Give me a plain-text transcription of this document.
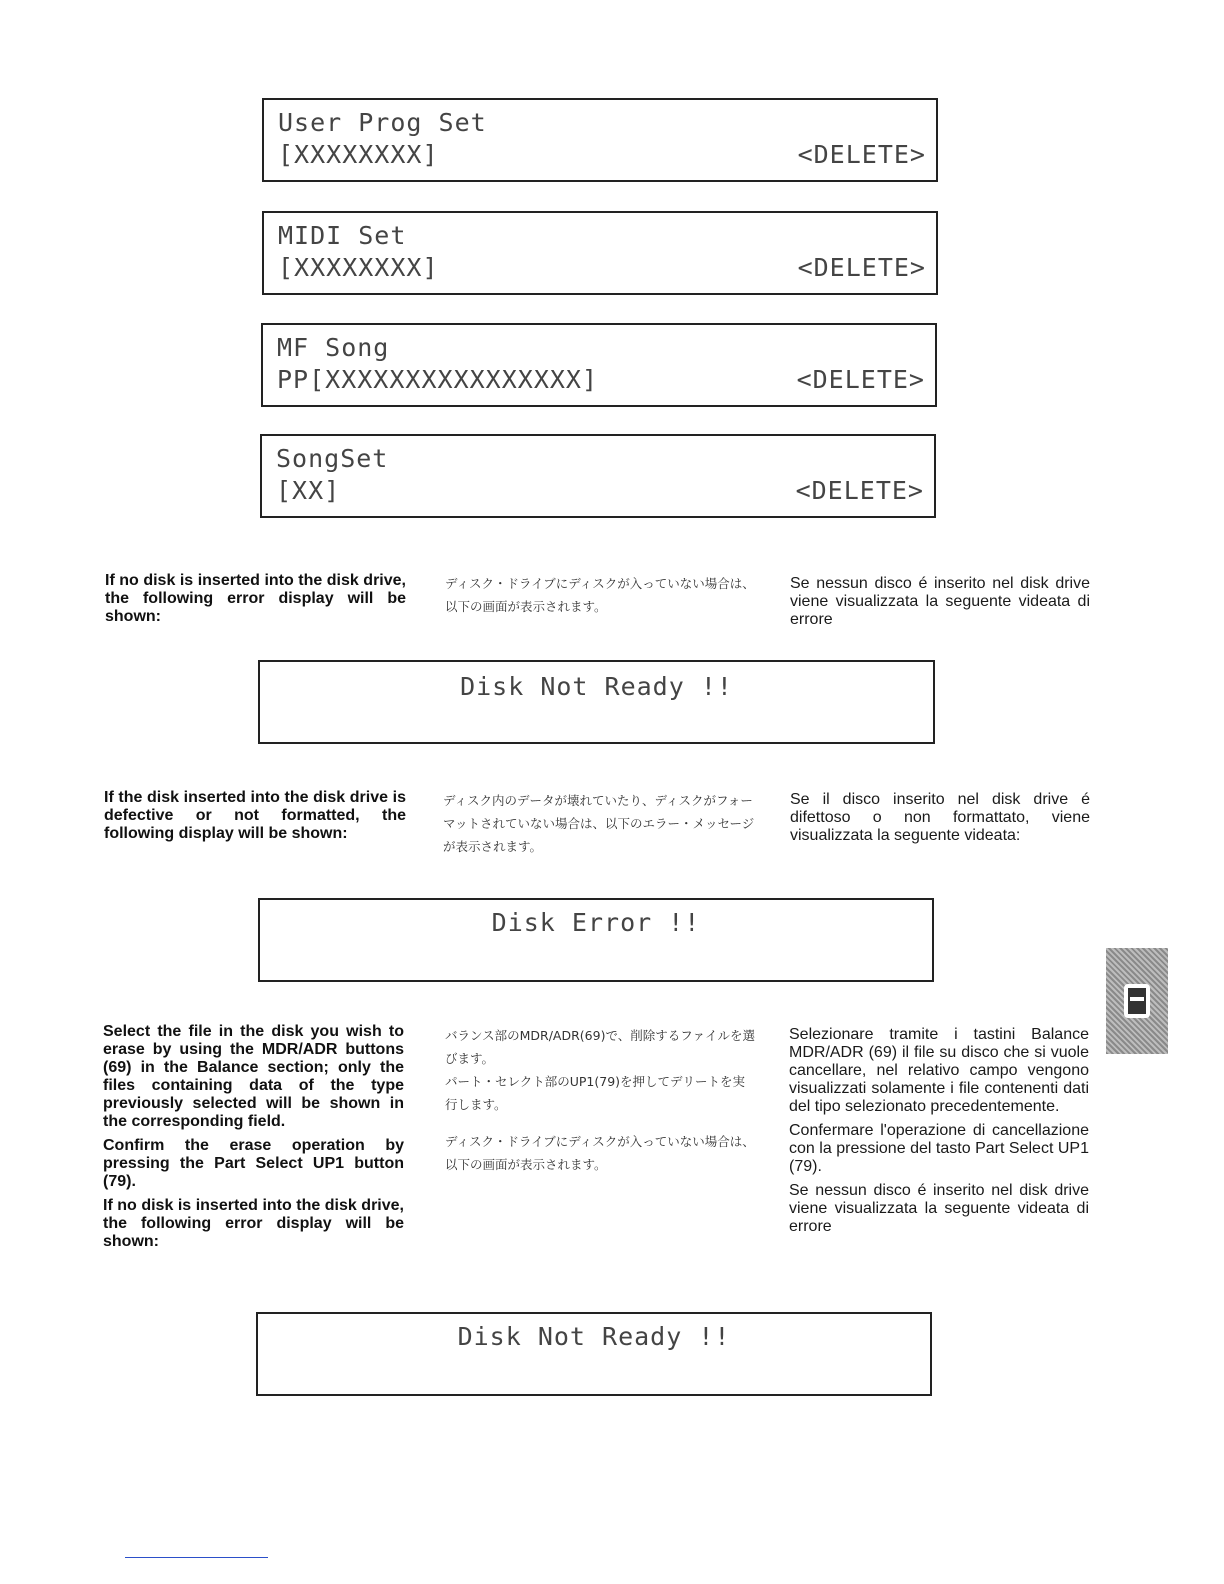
User Prog Set
[XXXXXXXX]	<DELETE>
MIDI Set
[XXXXXXXX]	<DELETE>
MF Song
PP[XXXXXXXXXXXXXXXX]	<DELETE>
SongSet
[XX]	<DELETE>
If no disk is inserted into the disk drive, the following error display will be shown:
ディスク・ドライブにディスクが入っていない場合は、以下の画面が表示されます。
Se nessun disco é inserito nel disk drive viene visualizzata la seguente videata di errore
Disk Not Ready !!
If the disk inserted into the disk drive is defective or not formatted, the following display will be shown:
ディスク内のデータが壊れていたり、ディスクがフォーマットされていない場合は、以下のエラー・メッセージが表示されます。
Se il disco inserito nel disk drive é difettoso o non formattato, viene visualizzata la seguente videata:
Disk Error !!

Select the file in the disk you wish to erase by using the MDR/ADR buttons (69) in the Balance section; only the files containing data of the type previously selected will be shown in the corresponding field.

Confirm the erase operation by pressing the Part Select UP1 button (79).

If no disk is inserted into the disk drive, the following error display will be shown:

バランス部のMDR/ADR(69)で、削除するファイルを選びます。

パート・セレクト部のUP1(79)を押してデリートを実行します。

ディスク・ドライブにディスクが入っていない場合は、以下の画面が表示されます。

Selezionare tramite i tastini Balance MDR/ADR (69) il file su disco che si vuole cancellare, nel relativo campo vengono visualizzati solamente i file contenenti dati del tipo selezionato precedentemente.

Confermare l'operazione di cancellazione con la pressione del tasto Part Select UP1 (79).

Se nessun disco é inserito nel disk drive viene visualizzata la seguente videata di errore

Disk Not Ready !!
